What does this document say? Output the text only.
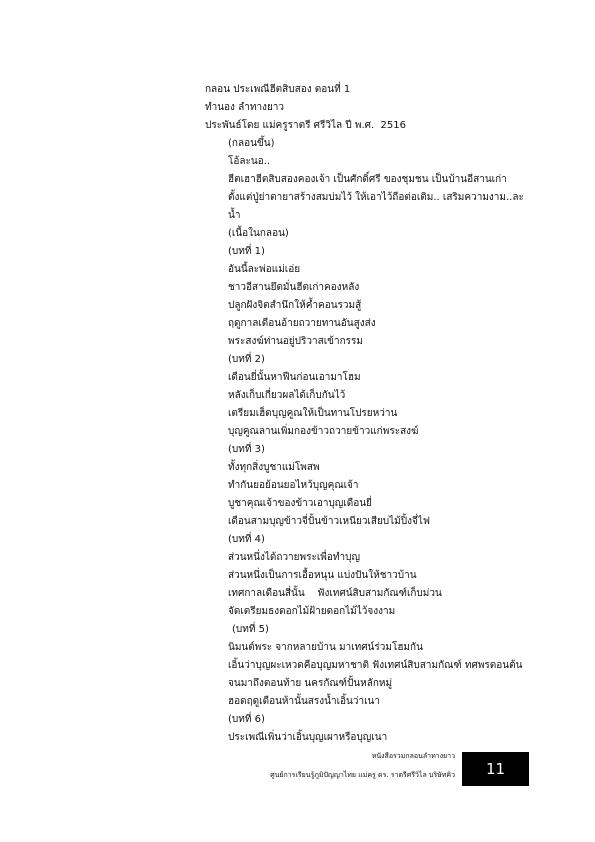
กลอน ประเพณีฮีตสิบสอง ตอนที่ 1
ทำนอง ลำทางยาว
ประพันธ์โดย แม่ครูราตรี ศรีวิไล ปี พ.ศ.  2516
(กลอนขึ้น)
โอ้ละนอ..
ฮีตเฮาฮีตสิบสองคองเจ้า เป็นศักดิ์ศรี ของชุมชน เป็นบ้านอีสานเก่า
ตั้งแต่ปู่ย่าตายาสร้างสมบ่มไว้ ให้เอาไว้ถือต่อเติม.. เสริมความงาม..ละ
น้ำ
(เนื้อในกลอน)
(บทที่ 1)
อันนี้ละพ่อแม่เอ่ย
ชาวอีสานยึดมั่นฮีตเก่าคองหลัง
ปลูกฝังจิตสำนึกให้ค้ำคอนรวมสู้
ฤดูกาลเดือนอ้ายถวายทานอันสูงส่ง
พระสงฆ์ท่านอยู่ปริวาสเข้ากรรม
(บทที่ 2)
เดือนยี่นั้นหาฟืนก่อนเอามาโฮม
หลังเก็บเกี่ยวผลได้เก็บกันไว้
เตรียมเฮ็ดบุญคูณให้เป็นทานโปรยหว่าน
บุญคูณลานเพิ่มกองข้าวถวายข้าวแก่พระสงฆ์
(บทที่ 3)
ทั้งทุกสิ่งบูชาแม่โพสพ
ทำกันยอย้อนยอไหว้บุญคุณเจ้า
บูชาคุณเจ้าของข้าวเอาบุญเดือนยี่
เดือนสามบุญข้าวจี่ปั้นข้าวเหนียวเสียบไม้ปิ้งจี่ไฟ
(บทที่ 4)
ส่วนหนึ่งได้ถวายพระเพื่อทำบุญ
ส่วนหนึ่งเป็นการเอื้อหนุน แบ่งปันให้ชาวบ้าน
เทศกาลเดือนสี่นั้น    ฟังเทศน์สิบสามกัณฑ์เก็บม่วน
จัดเตรียมธงดอกไม้ฝ้ายดอกไม้ไว้จงงาม
(บทที่ 5)
นิมนต์พระ จากหลายบ้าน มาเทศน์ร่วมโฮมกัน
เอิ้นว่าบุญผะเหวดคือบุญมหาชาติ ฟังเทศน์สิบสามกัณฑ์ ทศพรตอนต้น
จนมาถึงตอนท้าย นครกัณฑ์ปั้นหลักหมู่
ฮอดฤดูเดือนห้านั้นสรงน้ำเอิ้นว่าเนา
(บทที่ 6)
ประเพณีเพิ่นว่าเอิ้นบุญเผาหรือบุญเนา
หนังสือรวมกลอนลำทางยาว
ศูนย์การเรียนรู้ภูมิปัญญาไทย แม่ครู ดร. ราตรีศรีวิไล บริษัทคิว 11
